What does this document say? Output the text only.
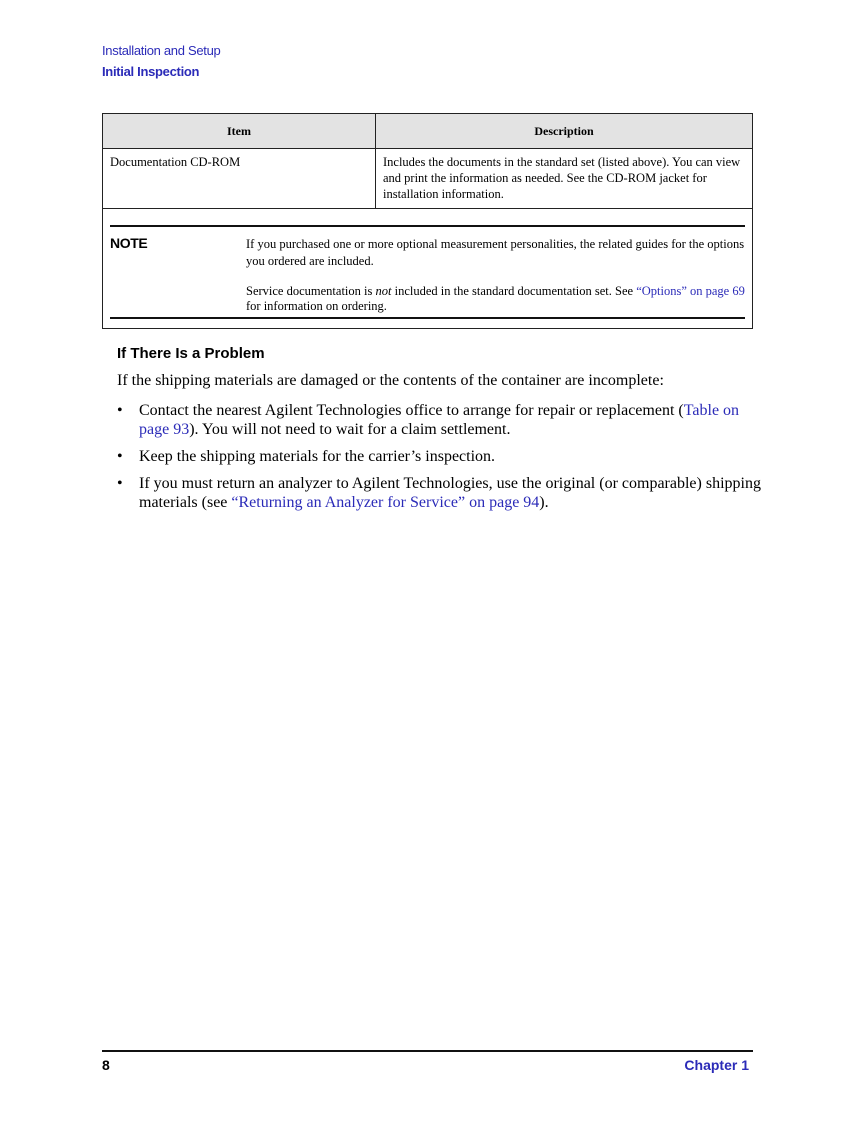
Installation and Setup
Initial Inspection
Item	Description
Documentation CD-ROM	Includes the documents in the standard set (listed above). You can view and print the information as needed. See the CD-ROM jacket for installation information.
NOTE	If you purchased one or more optional measurement personalities, the related guides for the options you ordered are included.
Service documentation is not included in the standard documentation set. See “Options” on page 69 for information on ordering.
If There Is a Problem
If the shipping materials are damaged or the contents of the container are incomplete:
• Contact the nearest Agilent Technologies office to arrange for repair or replacement (Table on page 93). You will not need to wait for a claim settlement.
• Keep the shipping materials for the carrier’s inspection.
• If you must return an analyzer to Agilent Technologies, use the original (or comparable) shipping materials (see “Returning an Analyzer for Service” on page 94).
8	Chapter 1
